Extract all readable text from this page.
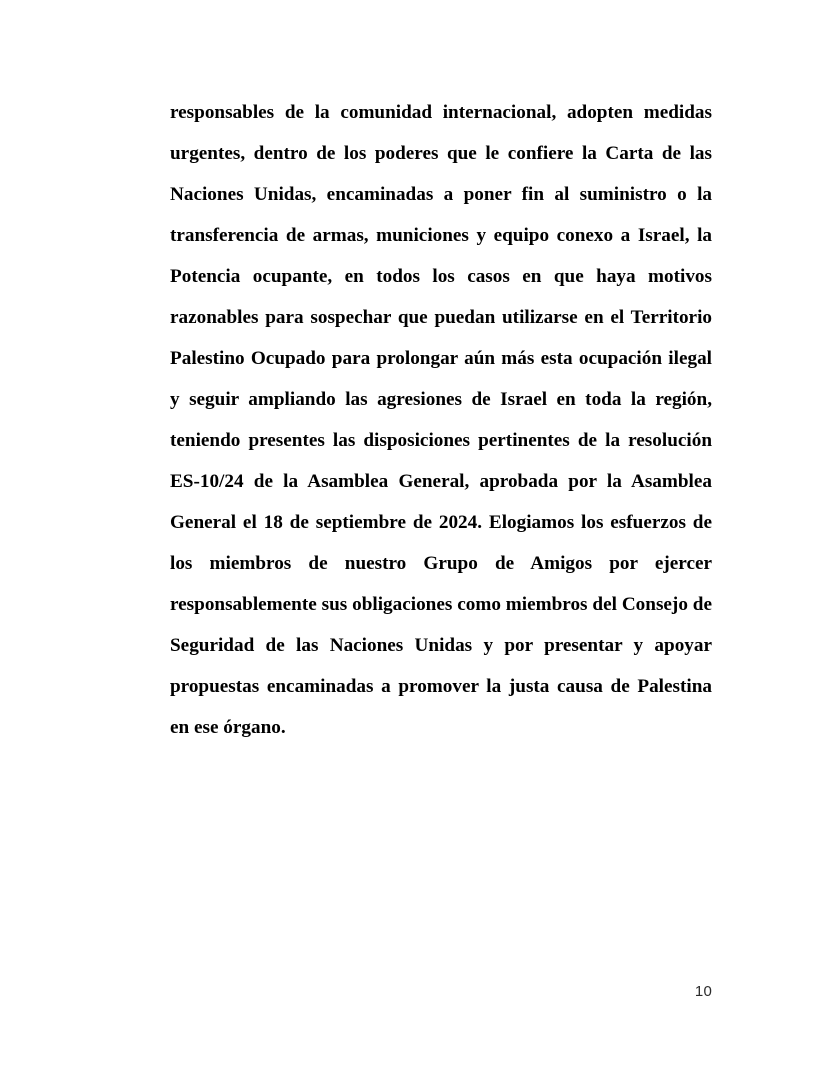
responsables de la comunidad internacional, adopten medidas urgentes, dentro de los poderes que le confiere la Carta de las Naciones Unidas, encaminadas a poner fin al suministro o la transferencia de armas, municiones y equipo conexo a Israel, la Potencia ocupante, en todos los casos en que haya motivos razonables para sospechar que puedan utilizarse en el Territorio Palestino Ocupado para prolongar aún más esta ocupación ilegal y seguir ampliando las agresiones de Israel en toda la región, teniendo presentes las disposiciones pertinentes de la resolución ES-10/24 de la Asamblea General, aprobada por la Asamblea General el 18 de septiembre de 2024. Elogiamos los esfuerzos de los miembros de nuestro Grupo de Amigos por ejercer responsablemente sus obligaciones como miembros del Consejo de Seguridad de las Naciones Unidas y por presentar y apoyar propuestas encaminadas a promover la justa causa de Palestina en ese órgano.

10
